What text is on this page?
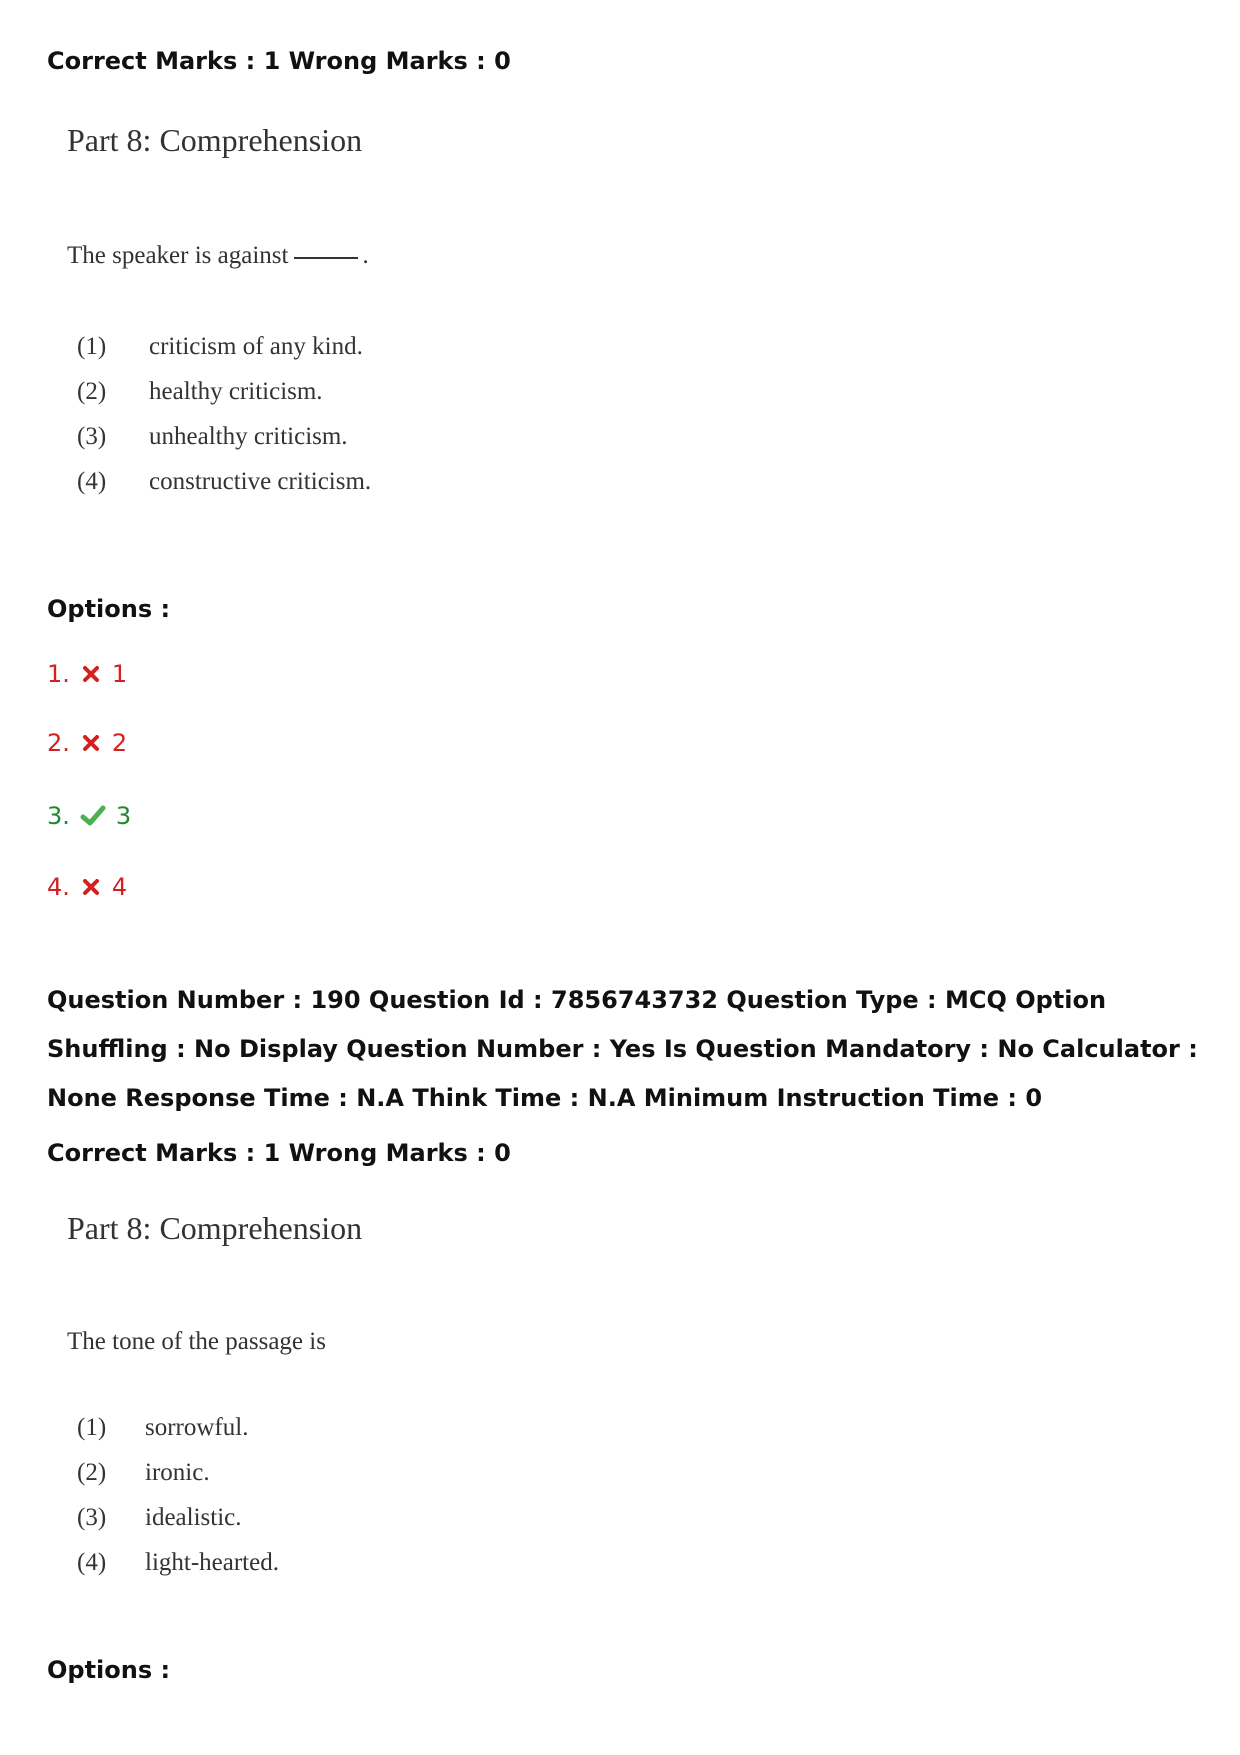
Correct Marks : 1 Wrong Marks : 0

Part 8: Comprehension
The speaker is against	.
(1) criticism of any kind.
(2) healthy criticism.
(3) unhealthy criticism.
(4) constructive criticism.

Options :

1. 1
2. 2
3. 3
4. 4

Question Number : 190 Question Id : 7856743732 Question Type : MCQ Option Shuffling : No Display Question Number : Yes Is Question Mandatory : No Calculator : None Response Time : N.A Think Time : N.A Minimum Instruction Time : 0

Correct Marks : 1 Wrong Marks : 0

Part 8: Comprehension
The tone of the passage is
(1) sorrowful.
(2) ironic.
(3) idealistic.
(4) light-hearted.

Options :
